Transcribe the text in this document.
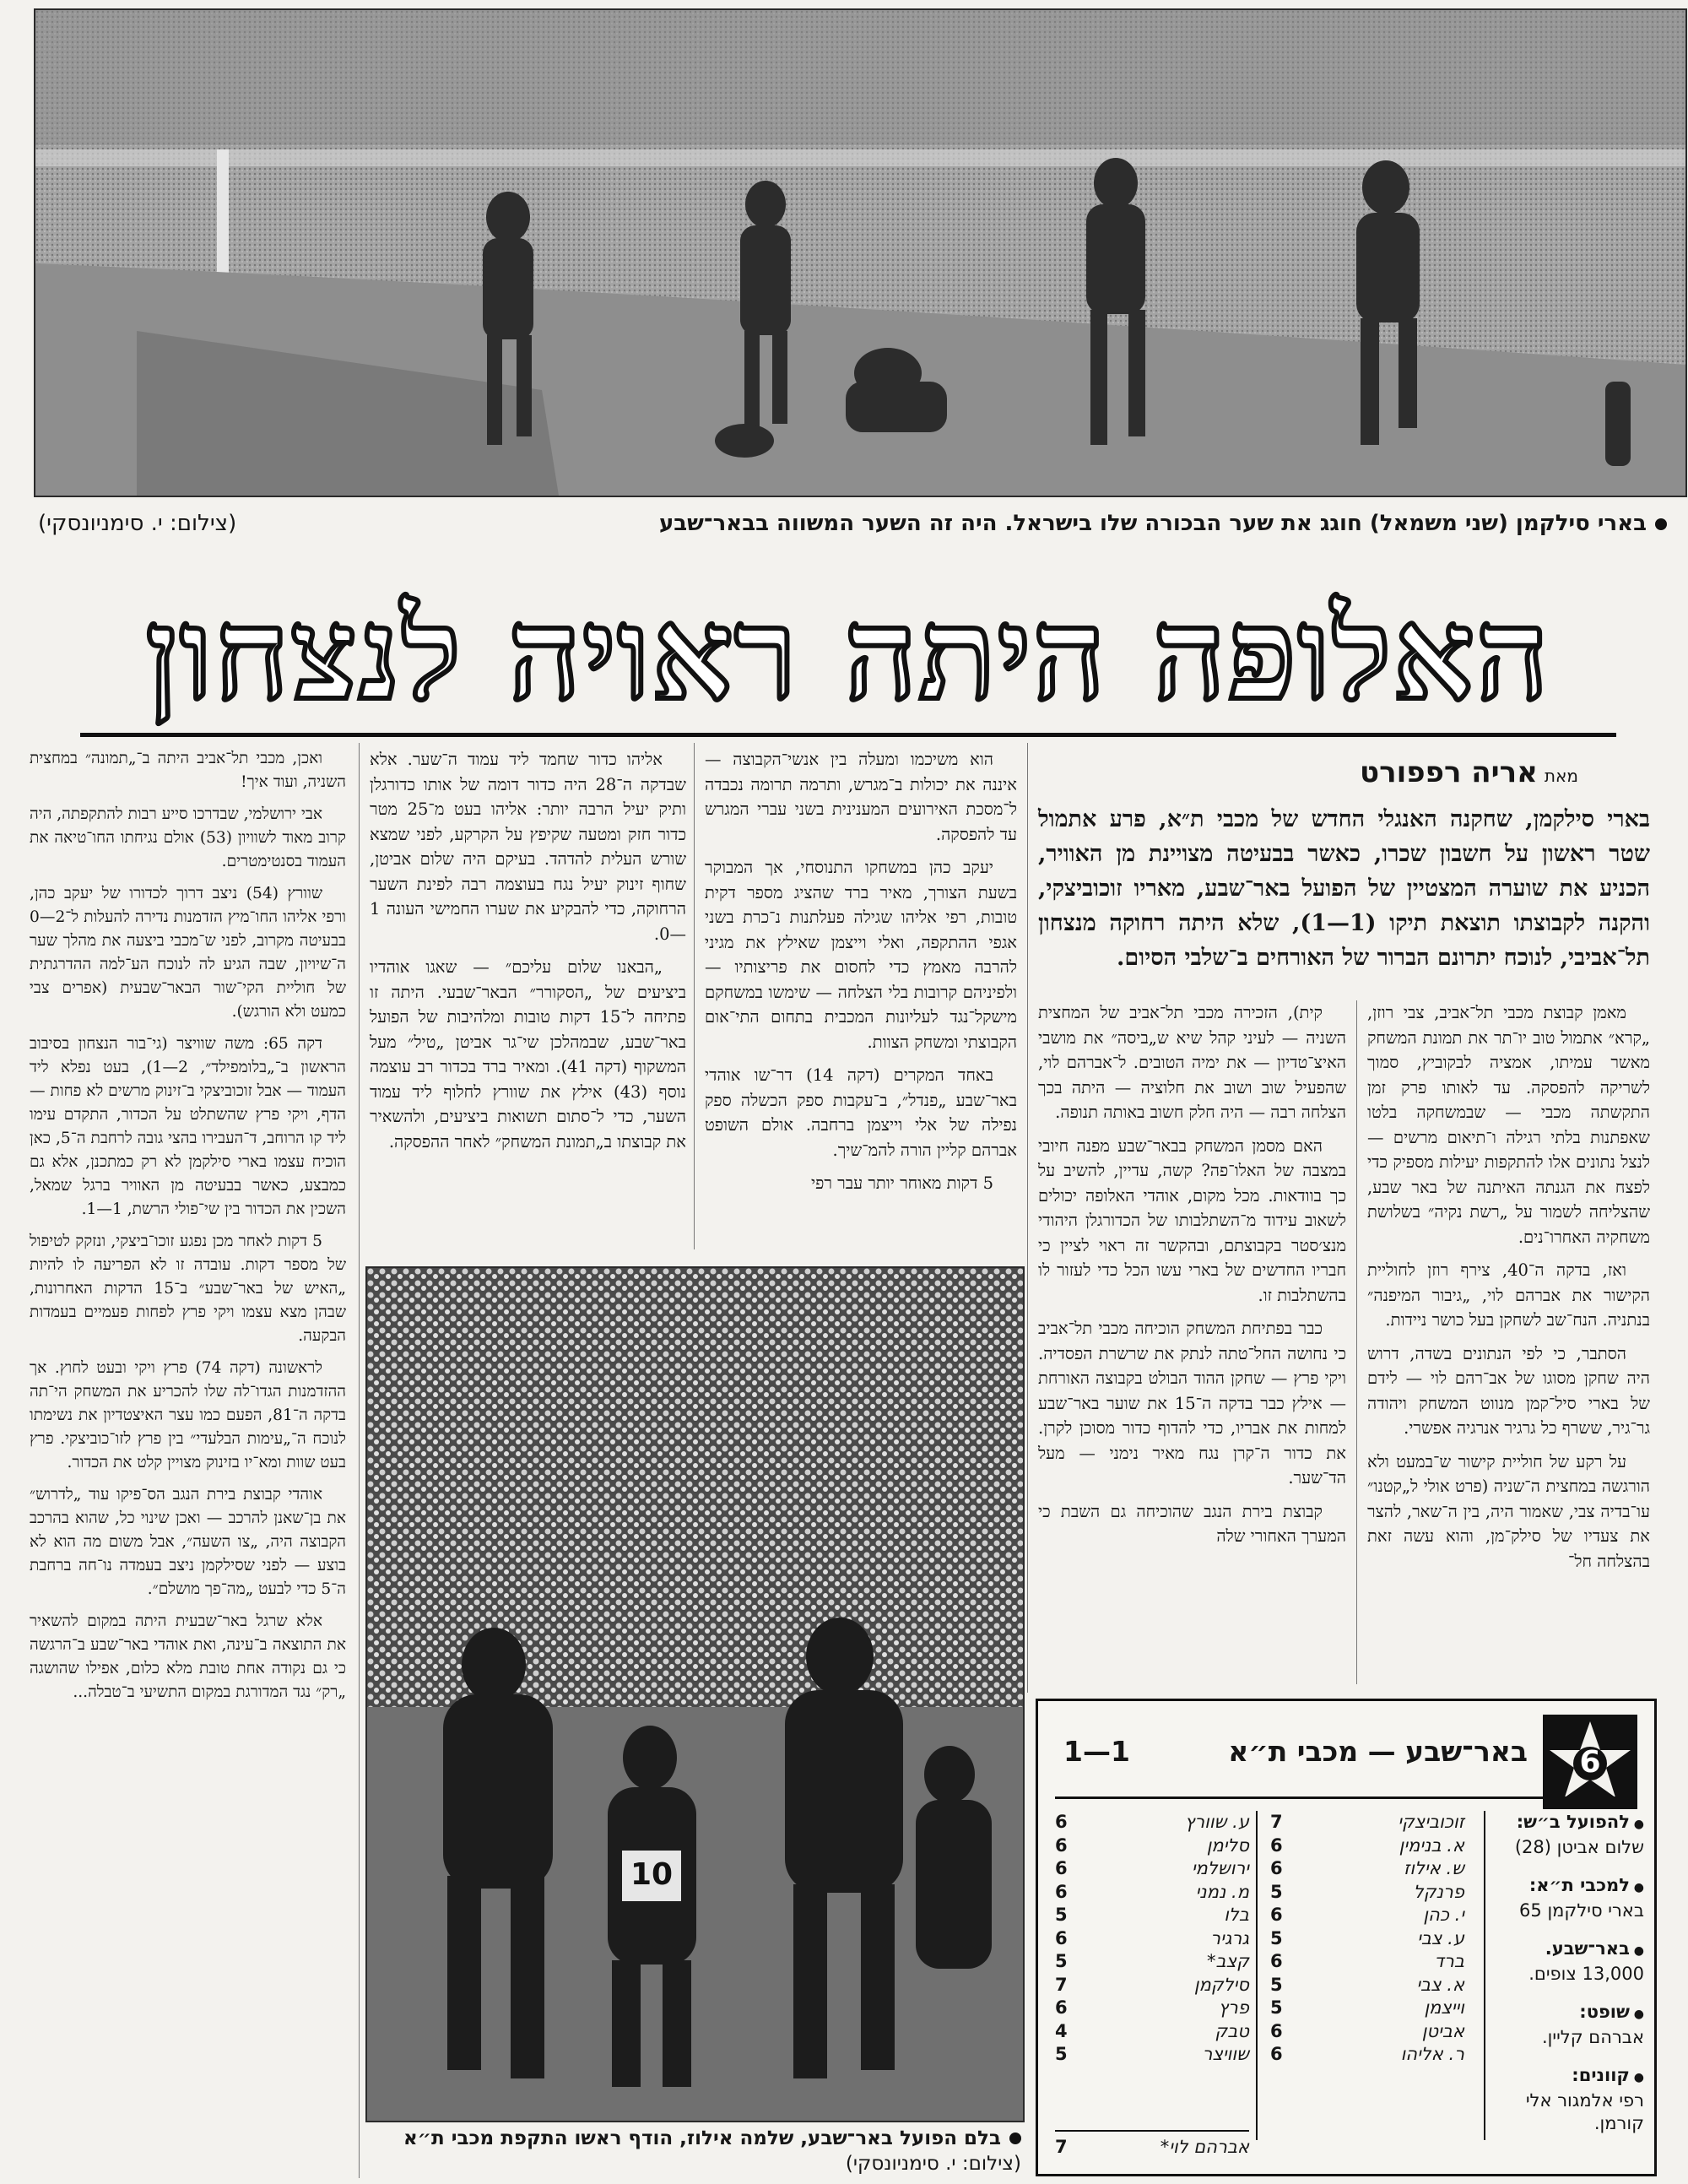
בארי סילקמן (שני משמאל) חוגג את שער הבכורה שלו בישראל. היה זה השער המשווה בבאר־שבע
(צילום: י. סימניונסקי)
האלופה היתה ראויה לנצחון
מאתאריה רפפורט

בארי סילקמן, שחקנה האנגלי החדש של מכבי ת״א, פרע אתמול שטר ראשון על חשבון שכרו, כאשר בבעיטה מצויינת מן האוויר, הכניע את שוערה המצטיין של הפועל באר־שבע, מאריו זוכוביצקי, והקנה לקבוצתו תוצאת תיקו (1—1), שלא היתה רחוקה מנצחון תל־אביבי, לנוכח יתרונם הברור של האורחים ב־שלבי הסיום.

מאמן קבוצת מכבי תל־אביב, צבי רוזן, „קרא״ אתמול טוב יו־תר את תמונת המשחק מאשר עמיתו, אמציה לבקוביץ, סמוך לשריקה להפסקה. עד לאותו פרק זמן התקשתה מכבי — שבמשחקה בלטו שאפתנות בלתי רגילה ו־תיאום מרשים — לנצל נתונים אלו להתקפות יעילות מספיק כדי לפצח את הגנתה האיתנה של באר שבע, שהצליחה לשמור על „רשת נקיה״ בשלושת משחקיה האחרו־נים.

ואז, בדקה ה־40, צירף רוזן לחוליית הקישור את אברהם לוי, „גיבור המיפנה״ בנתניה. הנח־שב לשחקן בעל כושר ניידות.

הסתבר, כי לפי הנתונים בשדה, דרוש היה שחקן מסוגו של אב־רהם לוי — לידם של בארי סיל־קמן מנווט המשחק ויהודה גר־גיר, ששרף כל גרגיר אנרגיה אפשרי.

על רקע של חוליית קישור ש־במעט ולא הורגשה במחצית ה־שניה (פרט אולי ל„קטנו״ עו־בדיה צבי, שאמור היה, בין ה־שאר, להצר את צעדיו של סילק־מן, והוא עשה זאת בהצלחה חל־

קית), הזכירה מכבי תל־אביב של המחצית השניה — לעיני קהל שיא ש„ביסה״ את מושבי האיצ־טדיון — את ימיה הטובים. ל־אברהם לוי, שהפעיל שוב ושוב את חלוציה — היתה בכך הצלחה רבה — היה חלק חשוב באותה תנופה.

האם מסמן המשחק בבאר־שבע מפנה חיובי במצבה של האלו־פה? קשה, עדיין, להשיב על כך בוודאות. מכל מקום, אוהדי האלופה יכולים לשאוב עידוד מ־השתלבותו של הכדורגלן היהודי מנצ׳סטר בקבוצתם, ובהקשר זה ראוי לציין כי חבריו החדשים של בארי עשו הכל כדי לעזור לו בהשתלבות זו.

כבר בפתיחת המשחק הוכיחה מכבי תל־אביב כי נחושה החל־טתה לנתק את שרשרת הפסדיה. ויקי פרץ — שחקן ההוד הבולט בקבוצה האורחת — אילץ כבר בדקה ה־15 את שוער באר־שבע למחות את אבריו, כדי להדוף כדור מסוכן לקרן. את כדור ה־קרן נגח מאיר נימני — מעל הד־שער.

קבוצת בירת הנגב שהוכיחה גם השבת כי המערך האחורי שלה

הוא משיכמו ומעלה בין אנשי־הקבוצה — איננה את יכולות ב־מגרש, ותרמה תרומה נכבדה ל־מסכת האירועים המענינית בשני עברי המגרש עד להפסקה.

יעקב כהן במשחקו התנוסחי, אך המבוקר בשעת הצורך, מאיר ברד שהציג מספר דקית טובות, רפי אליהו שגילה פעלתנות נ־כרת בשני אגפי ההתקפה, ואלי וייצמן שאילץ את מגיני להרבה מאמץ כדי לחסום את פריצותיו — ולפיניהם קרובות בלי הצלחה — שימשו במשחקם מישקל־נגד לעליונות המכבית בתחום התי־אום הקבוצתי ומשחק הצוות.

באחד המקרים (דקה 14) דר־שו אוהדי באר־שבע „פנדל״, ב־עקבות ספק הכשלה ספק נפילה של אלי וייצמן ברחבה. אולם השופט אברהם קליין הורה להמ־שיך.

5 דקות מאוחר יותר עבר רפי

אליהו כדור שחמד ליד עמוד ה־שער. אלא שבדקה ה־28 היה כדור דומה של אותו כדורגלן ותיק יעיל הרבה יותר: אליהו בעט מ־25 מטר כדור חזק ומטעה שקיפץ על הקרקע, לפני שמצא שורש העלית להדהד. בעיקם היה שלום אביטן, שחוף זינוק יעיל נגח בעוצמה רבה לפינת השער הרחוקה, כדי להבקיע את שערו החמישי העונה 1—0.

„הבאנו שלום עליכם״ — שאגו אוהדיו ביציעים של „הסקורר״ הבאר־שבעי. היתה זו פתיחה ל־15 דקות טובות ומלהיבות של הפועל באר־שבע, שבמהלכן שי־גר אביטן „טיל״ מעל המשקוף (דקה 41). ומאיר ברד בכדור רב עוצמה נוסף (43) אילץ את שוורץ לחלוף ליד עמוד השער, כדי ל־סתום תשואות ביציעים, ולהשאיר את קבוצתו ב„תמונת המשחק״ לאחר ההפסקה.

ואכן, מכבי תל־אביב היתה ב־„תמונה״ במחצית השניה, ועוד איך!

אבי ירושלמי, שבדרכו סייע רבות להתקפתה, היה קרוב מאוד לשוויון (53) אולם נגיחתו החו־טיאה את העמוד בסנטימטרים.

שוורץ (54) ניצב דרוך לכדורו של יעקב כהן, ורפי אליהו החו־מיץ הזדמנות נדירה להעלות ל־2—0 בבעיטה מקרוב, לפני ש־מכבי ביצעה את מהלך שער ה־שיויון, שבה הגיע לה לנוכח הע־למה ההדרגתית של חוליית הקי־שור הבאר־שבעית (אפרים צבי כמעט ולא הורגש).

דקה 65: משה שוויצר (גי־בור הנצחון בסיבוב הראשון ב־„בלומפילד״, 2—1), בעט נפלא ליד העמוד — אבל זוכוביצקי ב־זינוק מרשים לא פחות — הדף, ויקי פרץ שהשתלט על הכדור, התקדם עימו ליד קו הרוחב, ד־העבירו בהצי גובה לרחבת ה־5, כאן הוכיח עצמו בארי סילקמן לא רק כמתכנן, אלא גם כמבצע, כאשר בבעיטה מן האוויר ברגל שמאל, השכין את הכדור בין שי־פולי הרשת, 1—1.

5 דקות לאחר מכן נפגע זוכו־ביצקי, ונזקק לטיפול של מספר דקות. עובדה זו לא הפריעה לו להיות „האיש של באר־שבע״ ב־15 הדקות האחרונות, שבהן מצא עצמו ויקי פרץ לפחות פעמיים בעמדות הבקעה.

לראשונה (דקה 74) פרץ ויקי ובעט לחוץ. אך ההזדמנות הגדו־לה שלו להכריע את המשחק הי־תה בדקה ה־81, הפעם כמו עצר האיצטדיון את נשימתו לנוכח ה־„עימות הבלעדי״ בין פרץ לזו־כוביצקי. פרץ בעט שוות ומא־יו בזינוק מצויין קלט את הכדור.

אוהדי קבוצת בירת הנגב הס־פיקו עוד „לדרוש״ את בן־שאנן להרכב — ואכן שינוי כל, שהוא בהרכב הקבוצה היה, „צו השעה״, אבל משום מה הוא לא בוצע — לפני שסילקמן ניצב בעמדה נו־חה ברחבת ה־5 כדי לבעט „מה־פך מושלם״.

אלא שרגל באר־שבעית היתה במקום להשאיר את התוצאה ב־עינה, ואת אוהדי באר־שבע ב־הרגשה כי גם נקודה אחת טובת מלא כלום, אפילו שהושגה „רק״ נגד המדורגת במקום התשיעי ב־טבלה...

10
בלם הפועל באר־שבע, שלמה אילוז, הודף ראשו התקפת מכבי ת״א
(צילום: י. סימניונסקי)
6
באר־שבע — מכבי ת״א
1—1
● להפועל ב״ש:
שלום אביטן (28)
● למכבי ת״א:
בארי סילקמן 65
● באר־שבע.
13,000 צופים.
● שופט:
אברהם קליין.
● קוונים:
רפי אלמגור אלי קורמן.
זוכוביצקי
7
א. בנימין
6
ש. אילוז
6
פרנקל
5
י. כהן
6
ע. צבי
5
ברד
6
א. צבי
5
וייצמן
5
אביטן
6
ר. אליהו
6
ע. שוורץ
6
סלימן
6
ירושלמי
6
מ. נמני
6
בלו
5
גרגיר
6
קצב*
5
סילקמן
7
פרץ
6
טבק
4
שוויצר
5
אברהם לוי*
7
